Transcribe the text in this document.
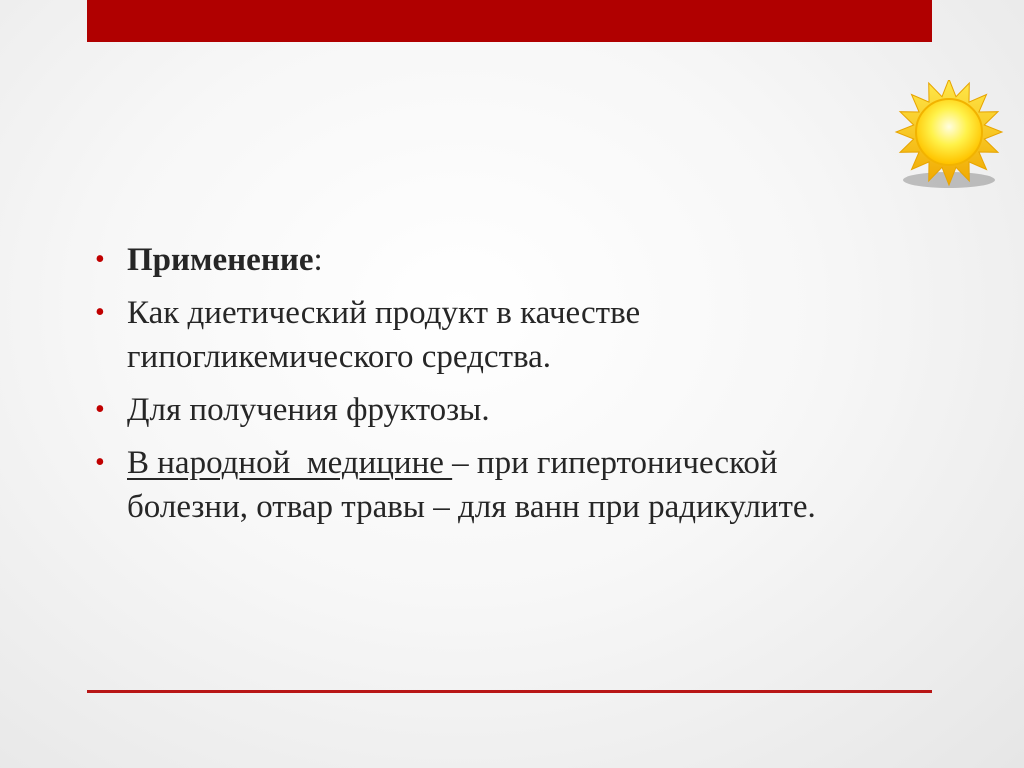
• Применение:
• Как диетический продукт в качестве гипогликемического средства.
• Для получения фруктозы.
• В народной  медицине – при гипертонической болезни, отвар травы – для ванн при радикулите.
